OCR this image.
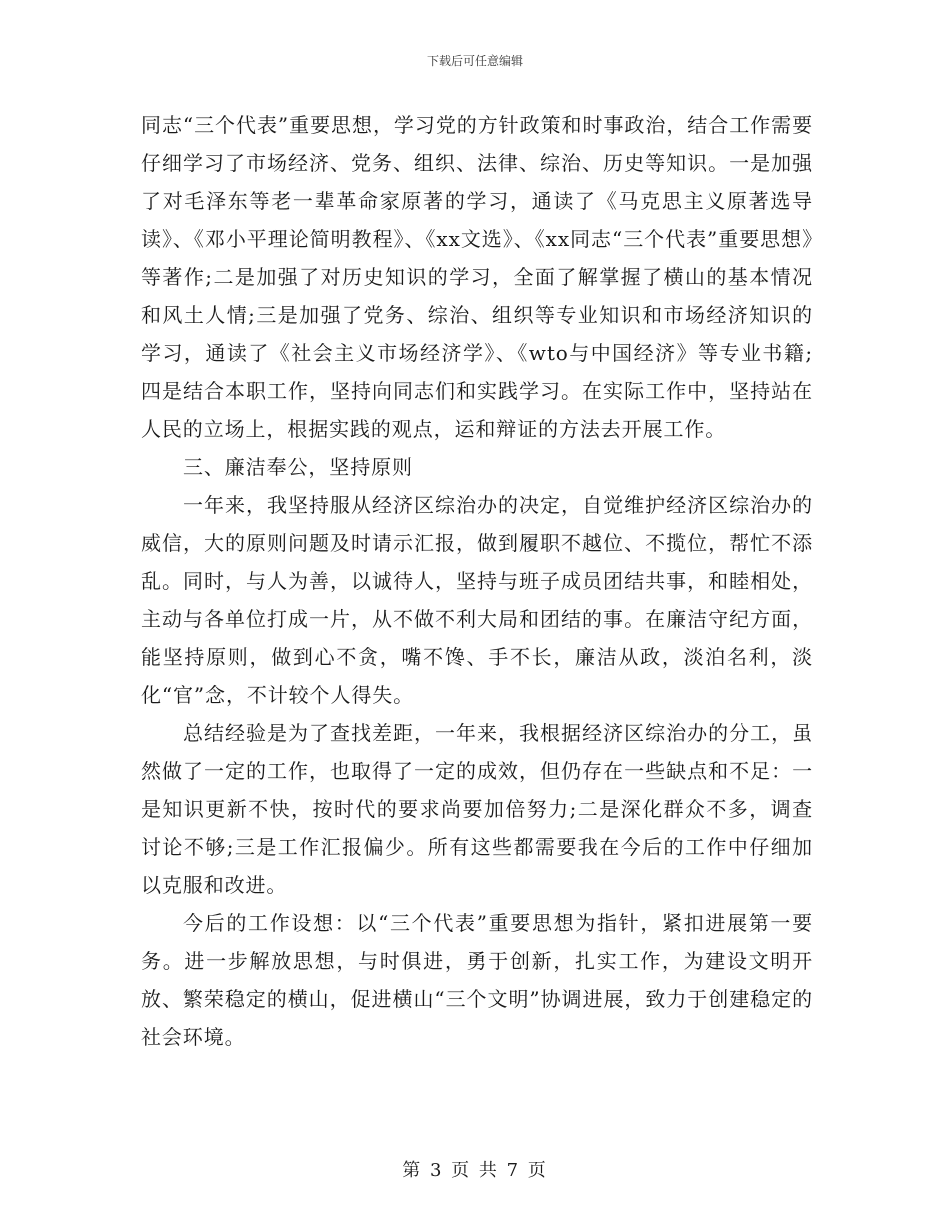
下载后可任意编辑

同志“三个代表”重要思想，学习党的方针政策和时事政治，结合工作需要仔细学习了市场经济、党务、组织、法律、综治、历史等知识。一是加强了对毛泽东等老一辈革命家原著的学习，通读了《马克思主义原著选导读》、《邓小平理论简明教程》、《xx文选》、《xx同志“三个代表”重要思想》等著作;二是加强了对历史知识的学习，全面了解掌握了横山的基本情况和风土人情;三是加强了党务、综治、组织等专业知识和市场经济知识的学习，通读了《社会主义市场经济学》、《wto与中国经济》等专业书籍;四是结合本职工作，坚持向同志们和实践学习。在实际工作中，坚持站在人民的立场上，根据实践的观点，运和辩证的方法去开展工作。

三、廉洁奉公，坚持原则

一年来，我坚持服从经济区综治办的决定，自觉维护经济区综治办的威信，大的原则问题及时请示汇报，做到履职不越位、不揽位，帮忙不添乱。同时，与人为善，以诚待人，坚持与班子成员团结共事，和睦相处，主动与各单位打成一片，从不做不利大局和团结的事。在廉洁守纪方面，能坚持原则，做到心不贪，嘴不馋、手不长，廉洁从政，淡泊名利，淡化“官”念，不计较个人得失。

总结经验是为了查找差距，一年来，我根据经济区综治办的分工，虽然做了一定的工作，也取得了一定的成效，但仍存在一些缺点和不足：一是知识更新不快，按时代的要求尚要加倍努力;二是深化群众不多，调查讨论不够;三是工作汇报偏少。所有这些都需要我在今后的工作中仔细加以克服和改进。

今后的工作设想：以“三个代表”重要思想为指针，紧扣进展第一要务。进一步解放思想，与时俱进，勇于创新，扎实工作，为建设文明开放、繁荣稳定的横山，促进横山“三个文明”协调进展，致力于创建稳定的社会环境。

第 3 页 共 7 页
